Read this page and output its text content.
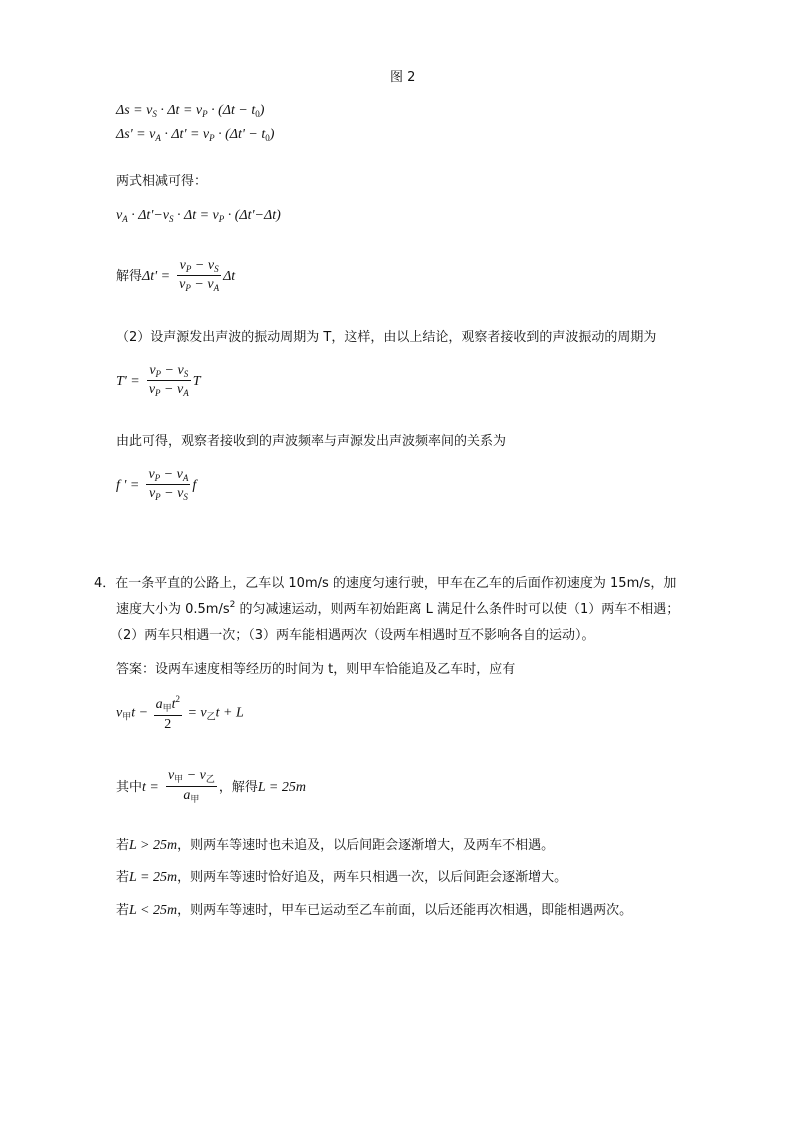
图 2
$\Delta s = v_S \cdot \Delta t = v_P \cdot (\Delta t - t_0)$
$\Delta s' = v_A \cdot \Delta t' = v_P \cdot (\Delta t' - t_0)$
两式相减可得：
$v_A \cdot \Delta t'-v_S \cdot \Delta t = v_P \cdot (\Delta t'-\Delta t)$
解得$\Delta t' = \frac{v_P - v_S}{v_P - v_A}$ Δt
（2）设声源发出声波的振动周期为 T，这样，由以上结论，观察者接收到的声波振动的周期为
$T' = \frac{v_P - v_S}{v_P - v_A}$ T
由此可得，观察者接收到的声波频率与声源发出声波频率间的关系为
f ' = $\frac{v_P - v_A}{v_P - v_S}$ f
4．在一条平直的公路上，乙车以 10m/s 的速度匀速行驶，甲车在乙车的后面作初速度为 15m/s，加
速度大小为 $0.5m/s^2$ 的匀减速运动，则两车初始距离 L 满足什么条件时可以使（1）两车不相遇；
（2）两车只相遇一次；（3）两车能相遇两次（设两车相遇时互不影响各自的运动）。
答案：设两车速度相等经历的时间为 t，则甲车恰能追及乙车时，应有
$v_甲t - \frac{a_甲t^2}{2} = v_乙t + L$
其中$t = \frac{v_甲 - v_乙}{a_甲}$ ，解得L = 25m
若L > 25m，则两车等速时也未追及，以后间距会逐渐增大，及两车不相遇。
若L = 25m，则两车等速时恰好追及，两车只相遇一次，以后间距会逐渐增大。
若L < 25m，则两车等速时，甲车已运动至乙车前面，以后还能再次相遇，即能相遇两次。
